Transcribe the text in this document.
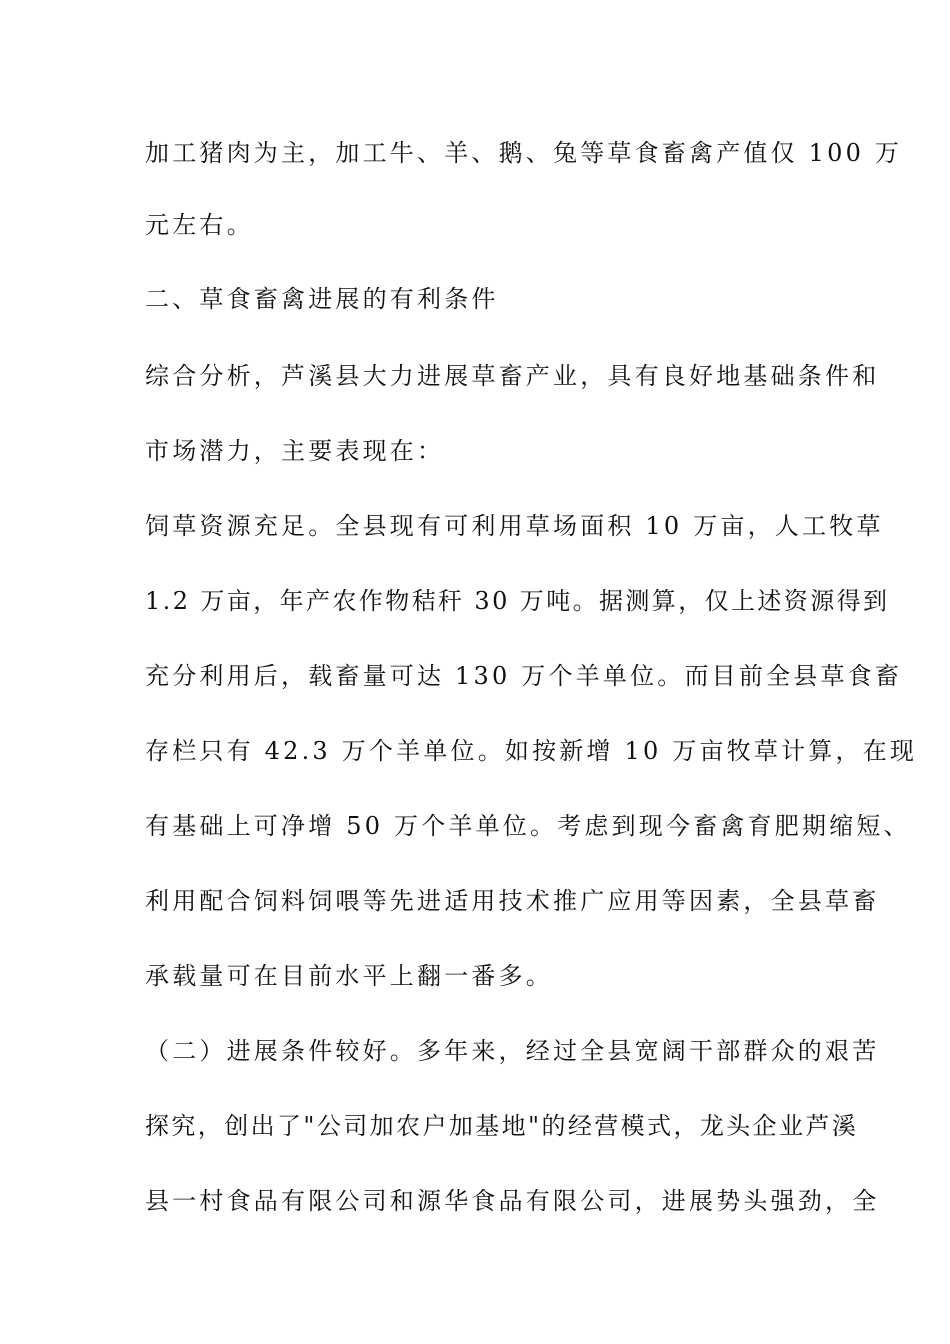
加工猪肉为主，加工牛、羊、鹅、兔等草食畜禽产值仅 100 万
元左右。
二、草食畜禽进展的有利条件
综合分析，芦溪县大力进展草畜产业，具有良好地基础条件和
市场潜力，主要表现在：
饲草资源充足。全县现有可利用草场面积 10 万亩，人工牧草
1.2 万亩，年产农作物秸秆 30 万吨。据测算，仅上述资源得到
充分利用后，载畜量可达 130 万个羊单位。而目前全县草食畜
存栏只有 42.3 万个羊单位。如按新增 10 万亩牧草计算，在现
有基础上可净增 50 万个羊单位。考虑到现今畜禽育肥期缩短、
利用配合饲料饲喂等先进适用技术推广应用等因素，全县草畜
承载量可在目前水平上翻一番多。
（二）进展条件较好。多年来，经过全县宽阔干部群众的艰苦
探究，创出了"公司加农户加基地"的经营模式，龙头企业芦溪
县一村食品有限公司和源华食品有限公司，进展势头强劲，全
